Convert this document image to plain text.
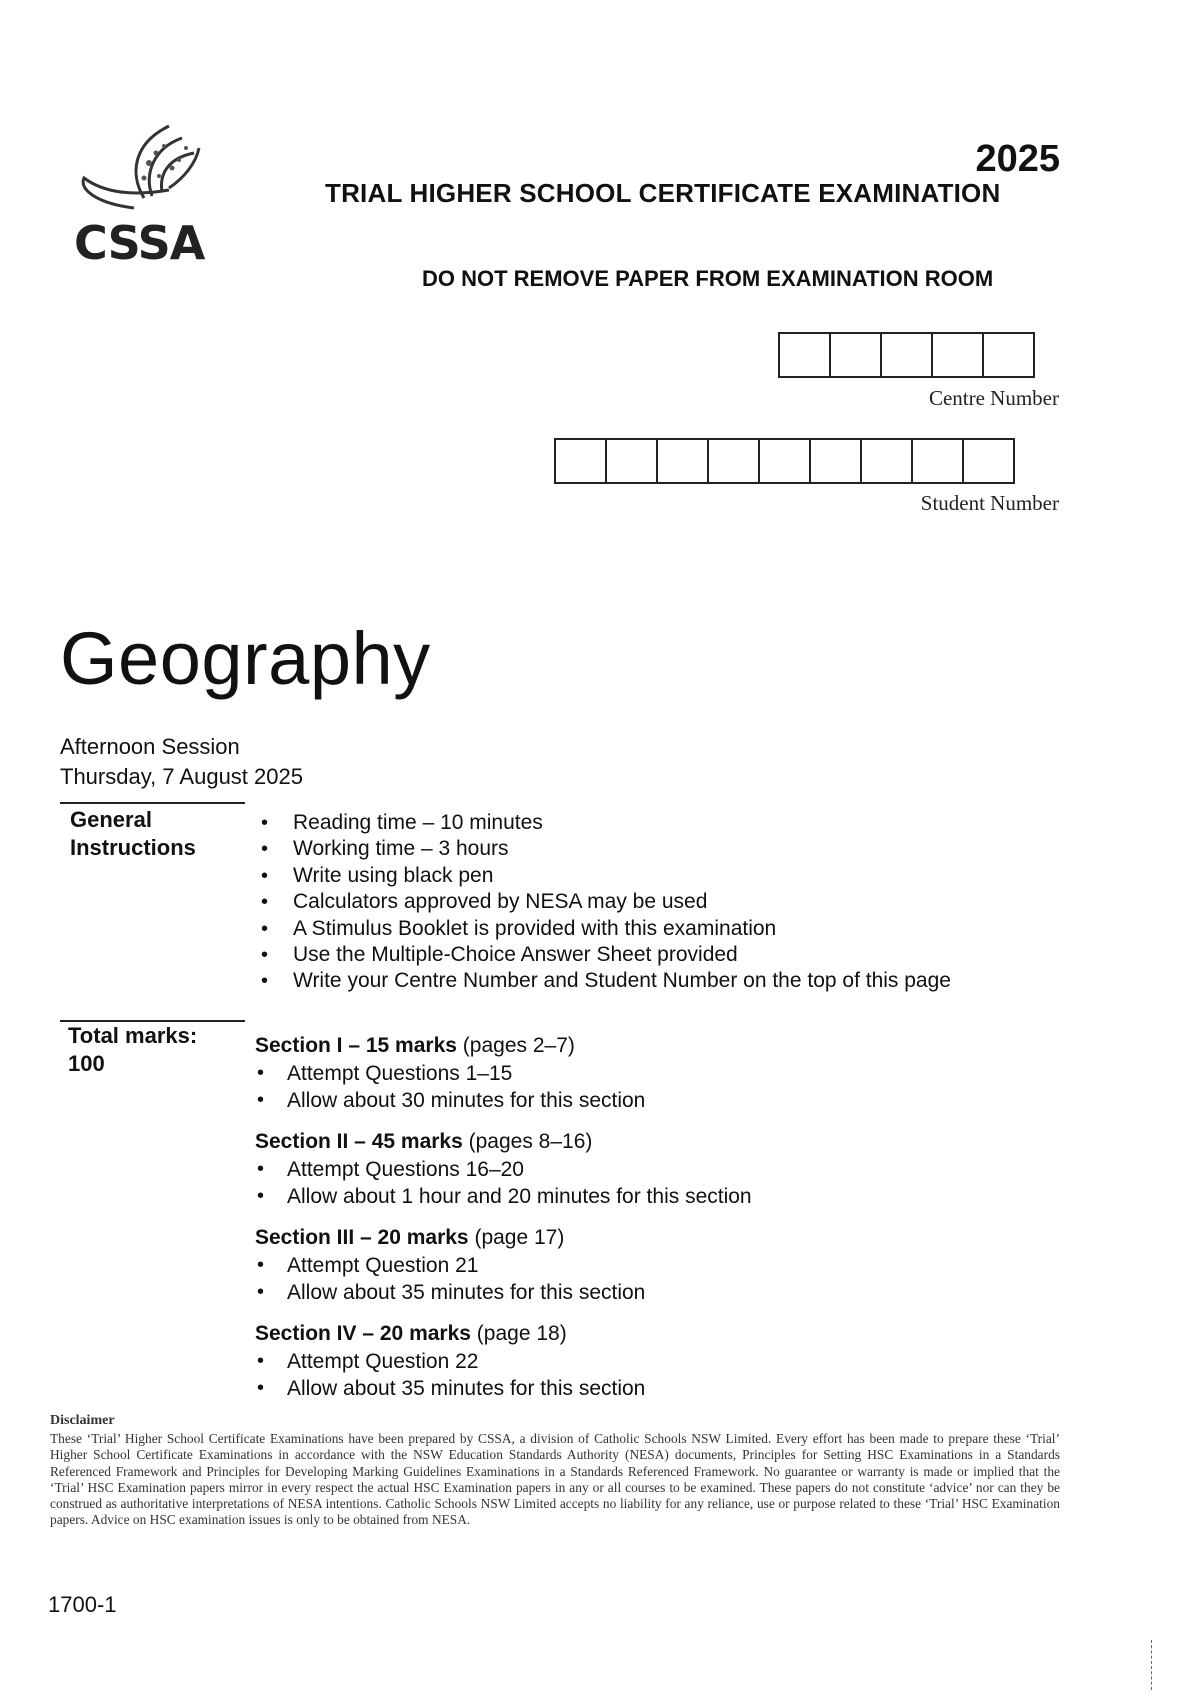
CSSA
2025
TRIAL HIGHER SCHOOL CERTIFICATE EXAMINATION
DO NOT REMOVE PAPER FROM EXAMINATION ROOM
Centre Number
Student Number
Geography
Afternoon Session
Thursday, 7 August 2025
General
Instructions
• Reading time – 10 minutes
• Working time – 3 hours
• Write using black pen
• Calculators approved by NESA may be used
• A Stimulus Booklet is provided with this examination
• Use the Multiple-Choice Answer Sheet provided
• Write your Centre Number and Student Number on the top of this page
Total marks:
100
Section I – 15 marks (pages 2–7)
• Attempt Questions 1–15
• Allow about 30 minutes for this section
Section II – 45 marks (pages 8–16)
• Attempt Questions 16–20
• Allow about 1 hour and 20 minutes for this section
Section III – 20 marks (page 17)
• Attempt Question 21
• Allow about 35 minutes for this section
Section IV – 20 marks (page 18)
• Attempt Question 22
• Allow about 35 minutes for this section
Disclaimer
These ‘Trial’ Higher School Certificate Examinations have been prepared by CSSA, a division of Catholic Schools NSW Limited. Every effort has been made to prepare these ‘Trial’ Higher School Certificate Examinations in accordance with the NSW Education Standards Authority (NESA) documents, Principles for Setting HSC Examinations in a Standards Referenced Framework and Principles for Developing Marking Guidelines Examinations in a Standards Referenced Framework. No guarantee or warranty is made or implied that the ‘Trial’ HSC Examination papers mirror in every respect the actual HSC Examination papers in any or all courses to be examined. These papers do not constitute ‘advice’ nor can they be construed as authoritative interpretations of NESA intentions. Catholic Schools NSW Limited accepts no liability for any reliance, use or purpose related to these ‘Trial’ HSC Examination papers. Advice on HSC examination issues is only to be obtained from NESA.
1700-1
